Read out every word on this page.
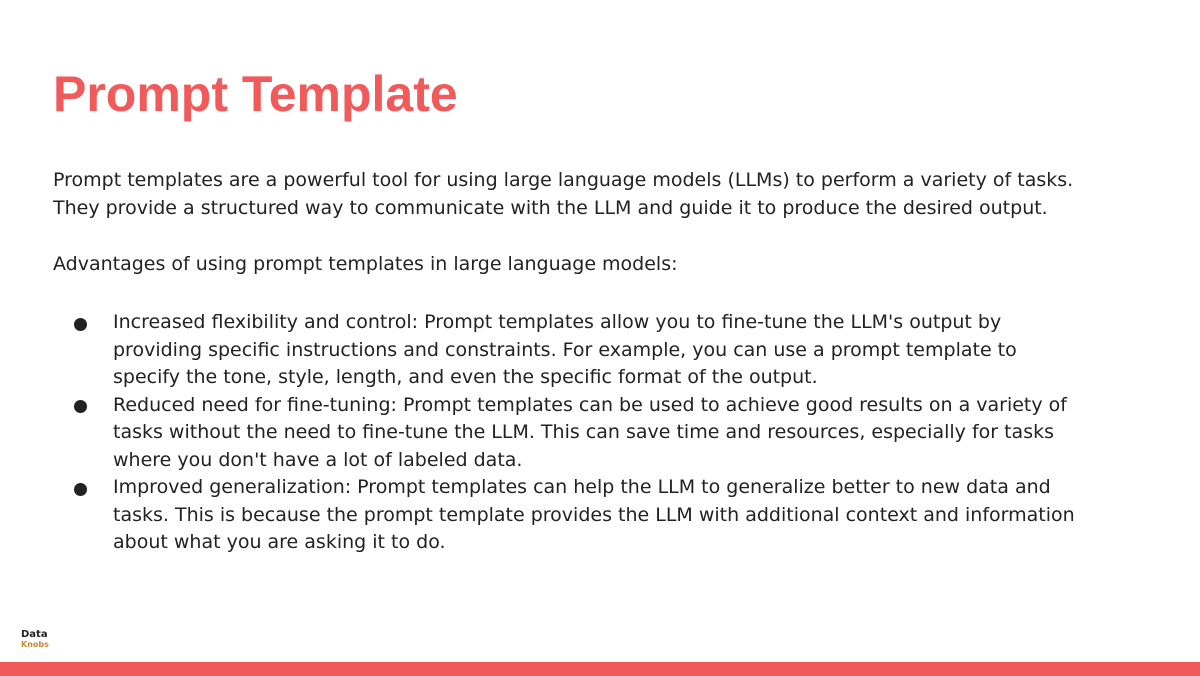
Prompt Template

Prompt templates are a powerful tool for using large language models (LLMs) to perform a variety of tasks.
They provide a structured way to communicate with the LLM and guide it to produce the desired output.

Advantages of using prompt templates in large language models:

Increased flexibility and control: Prompt templates allow you to fine-tune the LLM's output by
providing specific instructions and constraints. For example, you can use a prompt template to
specify the tone, style, length, and even the specific format of the output.
Reduced need for fine-tuning: Prompt templates can be used to achieve good results on a variety of
tasks without the need to fine-tune the LLM. This can save time and resources, especially for tasks
where you don't have a lot of labeled data.
Improved generalization: Prompt templates can help the LLM to generalize better to new data and
tasks. This is because the prompt template provides the LLM with additional context and information
about what you are asking it to do.
Data
Knobs
